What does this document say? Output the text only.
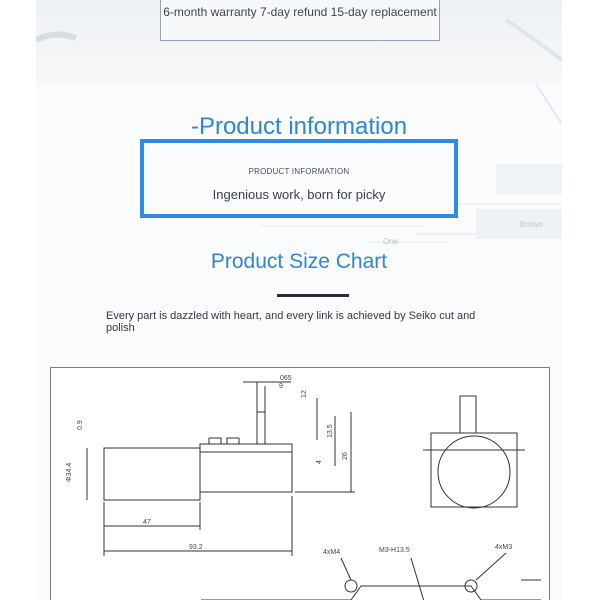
6-month warranty 7-day refund 15-day replacement
One
Brown
-Product information
PRODUCT INFORMATION
Ingenious work, born for picky
Product Size Chart
Every part is dazzled with heart, and every link is achieved by Seiko cut and polish
065
9
12
0.9	13.5
4
26
Φ34.4
47
93.2
4xM4	M3-H13.5	4xM3
